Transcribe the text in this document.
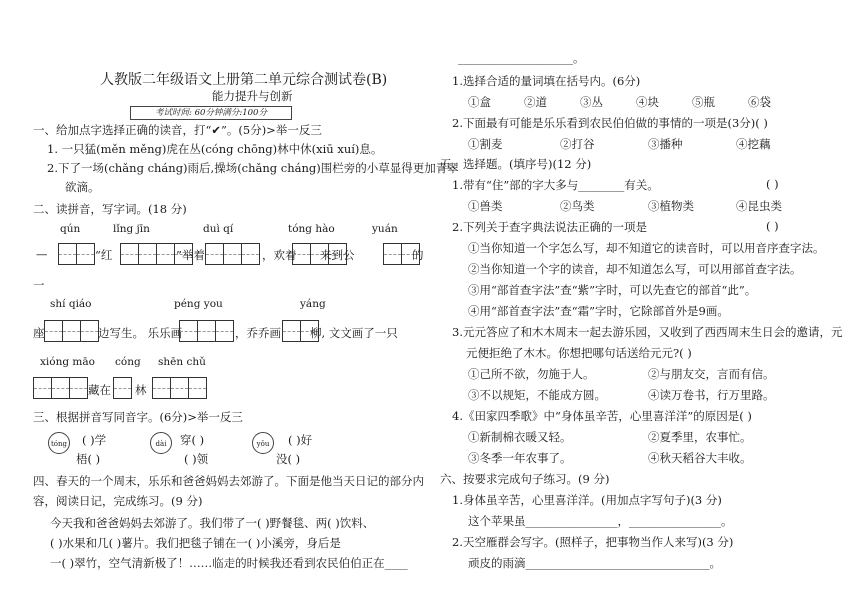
人教版二年级语文上册第二单元综合测试卷(B)
能力提升与创新
考试时间: 60分钟满分:100分
一、给加点字选择正确的读音，打“✔”。(5分)>举一反三
1. 一只猛(měn měng)虎在丛(cóng chōng)林中休(xiū xuí)息。
2.下了一场(chǎng cháng)雨后,操场(chǎng cháng)围栏旁的小草显得更加青翠
欲滴。
二、读拼音，写字词。(18 分)
qún	lǐng jīn	duì qí	tóng hào	yuán
—	“红	”举着	，欢着 来到公	的
一
shí qiáo	péng you	yáng
座	边写生。 乐乐画	，乔乔画	柳, 文文画了一只
xióng māo cóng shēn chǔ
藏在 林
三、根据拼音写同音字。(6分)>举一反三
tóng	dài	yǒu
( )学	穿( )	( )好
梧( )	( )领	没( )
四、春天的一个周末，乐乐和爸爸妈妈去郊游了。下面是他当天日记的部分内
容，阅读日记，完成练习。(9 分)
今天我和爸爸妈妈去郊游了。我们带了一( )野餐毯、两( )饮料、
( )水果和几( )薯片。我们把毯子铺在一( )小溪旁，身后是
一( )翠竹，空气清新极了！……临走的时候我还看到农民伯伯正在____
____________________。
1.选择合适的量词填在括号内。(6分)
①盒	②道	③丛	④块	⑤瓶	⑥袋
2.下面最有可能是乐乐看到农民伯伯做的事情的一项是(3分)( )
①割麦	②打谷	③播种	④挖藕
五、选择题。(填序号)(12 分)
1.带有“住”部的字大多与________有关。	( )
①兽类	②鸟类	③植物类	④昆虫类
2.下列关于查字典法说法正确的一项是	( )
①当你知道一个字怎么写，却不知道它的读音时，可以用音序查字法。
②当你知道一个字的读音，却不知道怎么写，可以用部首查字法。
③用“部首查字法”查“紫”字时，可以先查它的部首“此”。
④用“部首查字法”查“霜”字时，它除部首外是9画。
3.元元答应了和木木周末一起去游乐园，又收到了西西周末生日会的邀请，元
元便拒绝了木木。你想把哪句话送给元元?( )
①己所不欲，勿施于人。	②与朋友交，言而有信。
③不以规矩，不能成方圆。	④读万卷书，行万里路。
4.《田家四季歌》中“身体虽辛苦，心里喜洋洋”的原因是( )
①新制棉衣暖又轻。	②夏季里，农事忙。
③冬季一年农事了。	④秋天稻谷大丰收。
六、按要求完成句子练习。(9 分)
1.身体虽辛苦，心里喜洋洋。(用加点字写句子)(3 分)
这个苹果虽________________，________________。
2.天空雁群会写字。(照样子，把事物当作人来写)(3 分)
顽皮的雨滴________________________________。
